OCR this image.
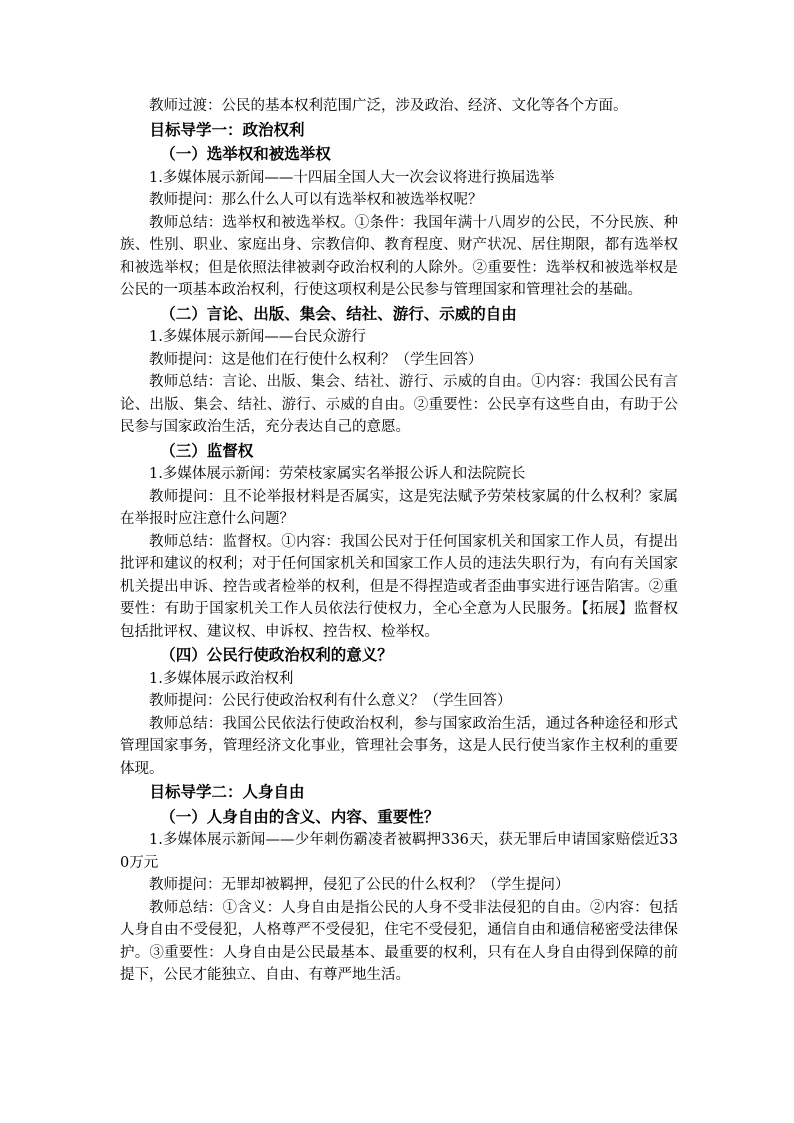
教师过渡：公民的基本权利范围广泛，涉及政治、经济、文化等各个方面。

目标导学一：政治权利

（一）选举权和被选举权

1.多媒体展示新闻——十四届全国人大一次会议将进行换届选举

教师提问：那么什么人可以有选举权和被选举权呢？

教师总结：选举权和被选举权。①条件：我国年满十八周岁的公民，不分民族、种族、性别、职业、家庭出身、宗教信仰、教育程度、财产状况、居住期限，都有选举权和被选举权；但是依照法律被剥夺政治权利的人除外。②重要性：选举权和被选举权是公民的一项基本政治权利，行使这项权利是公民参与管理国家和管理社会的基础。

（二）言论、出版、集会、结社、游行、示威的自由

1.多媒体展示新闻——台民众游行

教师提问：这是他们在行使什么权利？（学生回答）

教师总结：言论、出版、集会、结社、游行、示威的自由。①内容：我国公民有言论、出版、集会、结社、游行、示威的自由。②重要性：公民享有这些自由，有助于公民参与国家政治生活，充分表达自己的意愿。

（三）监督权

1.多媒体展示新闻：劳荣枝家属实名举报公诉人和法院院长

教师提问：且不论举报材料是否属实，这是宪法赋予劳荣枝家属的什么权利？家属在举报时应注意什么问题？

教师总结：监督权。①内容：我国公民对于任何国家机关和国家工作人员，有提出批评和建议的权利；对于任何国家机关和国家工作人员的违法失职行为，有向有关国家机关提出申诉、控告或者检举的权利，但是不得捏造或者歪曲事实进行诬告陷害。②重要性：有助于国家机关工作人员依法行使权力，全心全意为人民服务。【拓展】监督权包括批评权、建议权、申诉权、控告权、检举权。

（四）公民行使政治权利的意义？

1.多媒体展示政治权利

教师提问：公民行使政治权利有什么意义？（学生回答）

教师总结：我国公民依法行使政治权利，参与国家政治生活，通过各种途径和形式管理国家事务，管理经济文化事业，管理社会事务，这是人民行使当家作主权利的重要体现。

目标导学二：人身自由

（一）人身自由的含义、内容、重要性？

1.多媒体展示新闻——少年刺伤霸凌者被羁押336天，获无罪后申请国家赔偿近330万元

教师提问：无罪却被羁押，侵犯了公民的什么权利？（学生提问）

教师总结：①含义：人身自由是指公民的人身不受非法侵犯的自由。②内容：包括人身自由不受侵犯，人格尊严不受侵犯，住宅不受侵犯，通信自由和通信秘密受法律保护。③重要性：人身自由是公民最基本、最重要的权利，只有在人身自由得到保障的前提下，公民才能独立、自由、有尊严地生活。
